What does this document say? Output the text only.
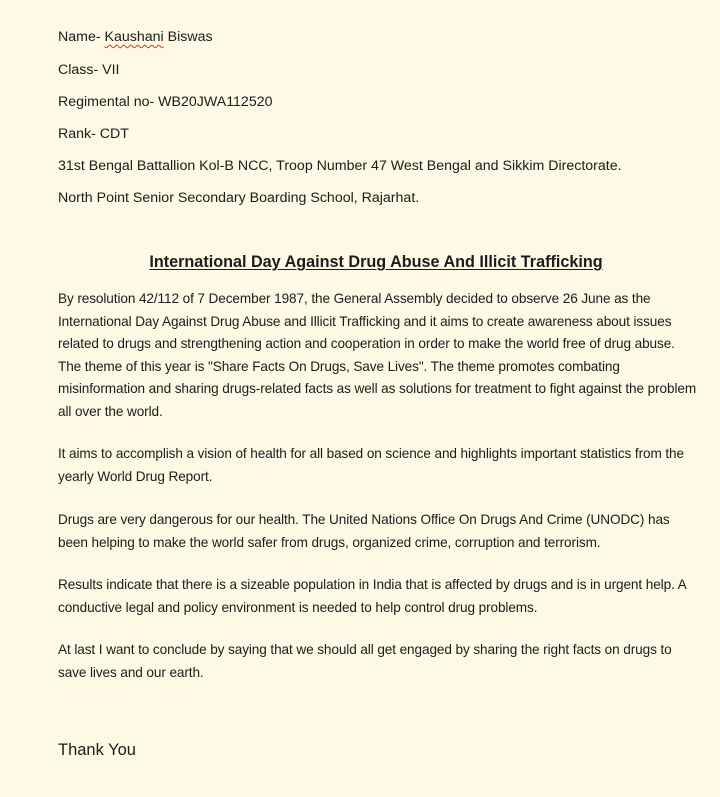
Name- Kaushani Biswas
Class- VII
Regimental no- WB20JWA112520
Rank- CDT
31st Bengal Battallion Kol-B NCC, Troop Number 47 West Bengal and Sikkim Directorate.
North Point Senior Secondary Boarding School, Rajarhat.
International Day Against Drug Abuse And Illicit Trafficking
By resolution 42/112 of 7 December 1987, the General Assembly decided to observe 26 June as the International Day Against Drug Abuse and Illicit Trafficking and it aims to create awareness about issues related to drugs and strengthening action and cooperation in order to make the world free of drug abuse. The theme of this year is "Share Facts On Drugs, Save Lives". The theme promotes combating misinformation and sharing drugs-related facts as well as solutions for treatment to fight against the problem all over the world.
It aims to accomplish a vision of health for all based on science and highlights important statistics from the yearly World Drug Report.
Drugs are very dangerous for our health. The United Nations Office On Drugs And Crime (UNODC) has been helping to make the world safer from drugs, organized crime, corruption and terrorism.
Results indicate that there is a sizeable population in India that is affected by drugs and is in urgent help. A conductive legal and policy environment is needed to help control drug problems.
At last I want to conclude by saying that we should all get engaged by sharing the right facts on drugs to save lives and our earth.
Thank You
